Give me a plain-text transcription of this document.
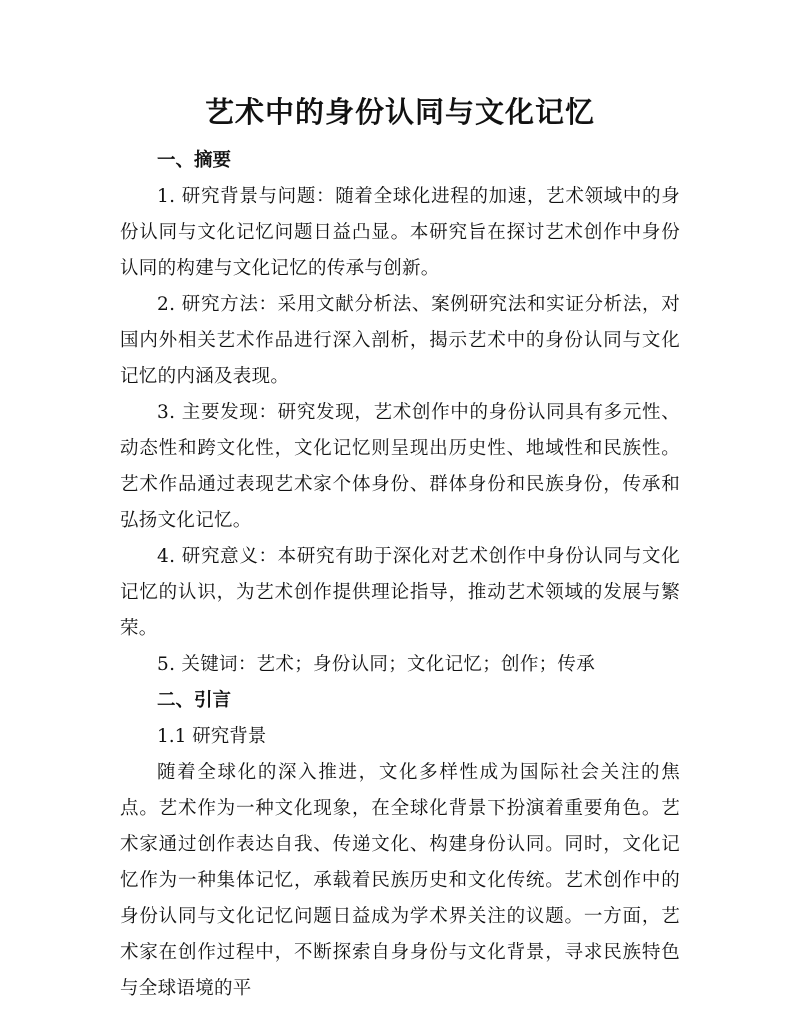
艺术中的身份认同与文化记忆
一、摘要

1. 研究背景与问题：随着全球化进程的加速，艺术领域中的身份认同与文化记忆问题日益凸显。本研究旨在探讨艺术创作中身份认同的构建与文化记忆的传承与创新。

2. 研究方法：采用文献分析法、案例研究法和实证分析法，对国内外相关艺术作品进行深入剖析，揭示艺术中的身份认同与文化记忆的内涵及表现。

3. 主要发现：研究发现，艺术创作中的身份认同具有多元性、动态性和跨文化性，文化记忆则呈现出历史性、地域性和民族性。艺术作品通过表现艺术家个体身份、群体身份和民族身份，传承和弘扬文化记忆。

4. 研究意义：本研究有助于深化对艺术创作中身份认同与文化记忆的认识，为艺术创作提供理论指导，推动艺术领域的发展与繁荣。

5. 关键词：艺术；身份认同；文化记忆；创作；传承

二、引言
1.1 研究背景

随着全球化的深入推进，文化多样性成为国际社会关注的焦点。艺术作为一种文化现象，在全球化背景下扮演着重要角色。艺术家通过创作表达自我、传递文化、构建身份认同。同时，文化记忆作为一种集体记忆，承载着民族历史和文化传统。艺术创作中的身份认同与文化记忆问题日益成为学术界关注的议题。一方面，艺术家在创作过程中，不断探索自身身份与文化背景，寻求民族特色与全球语境的平
